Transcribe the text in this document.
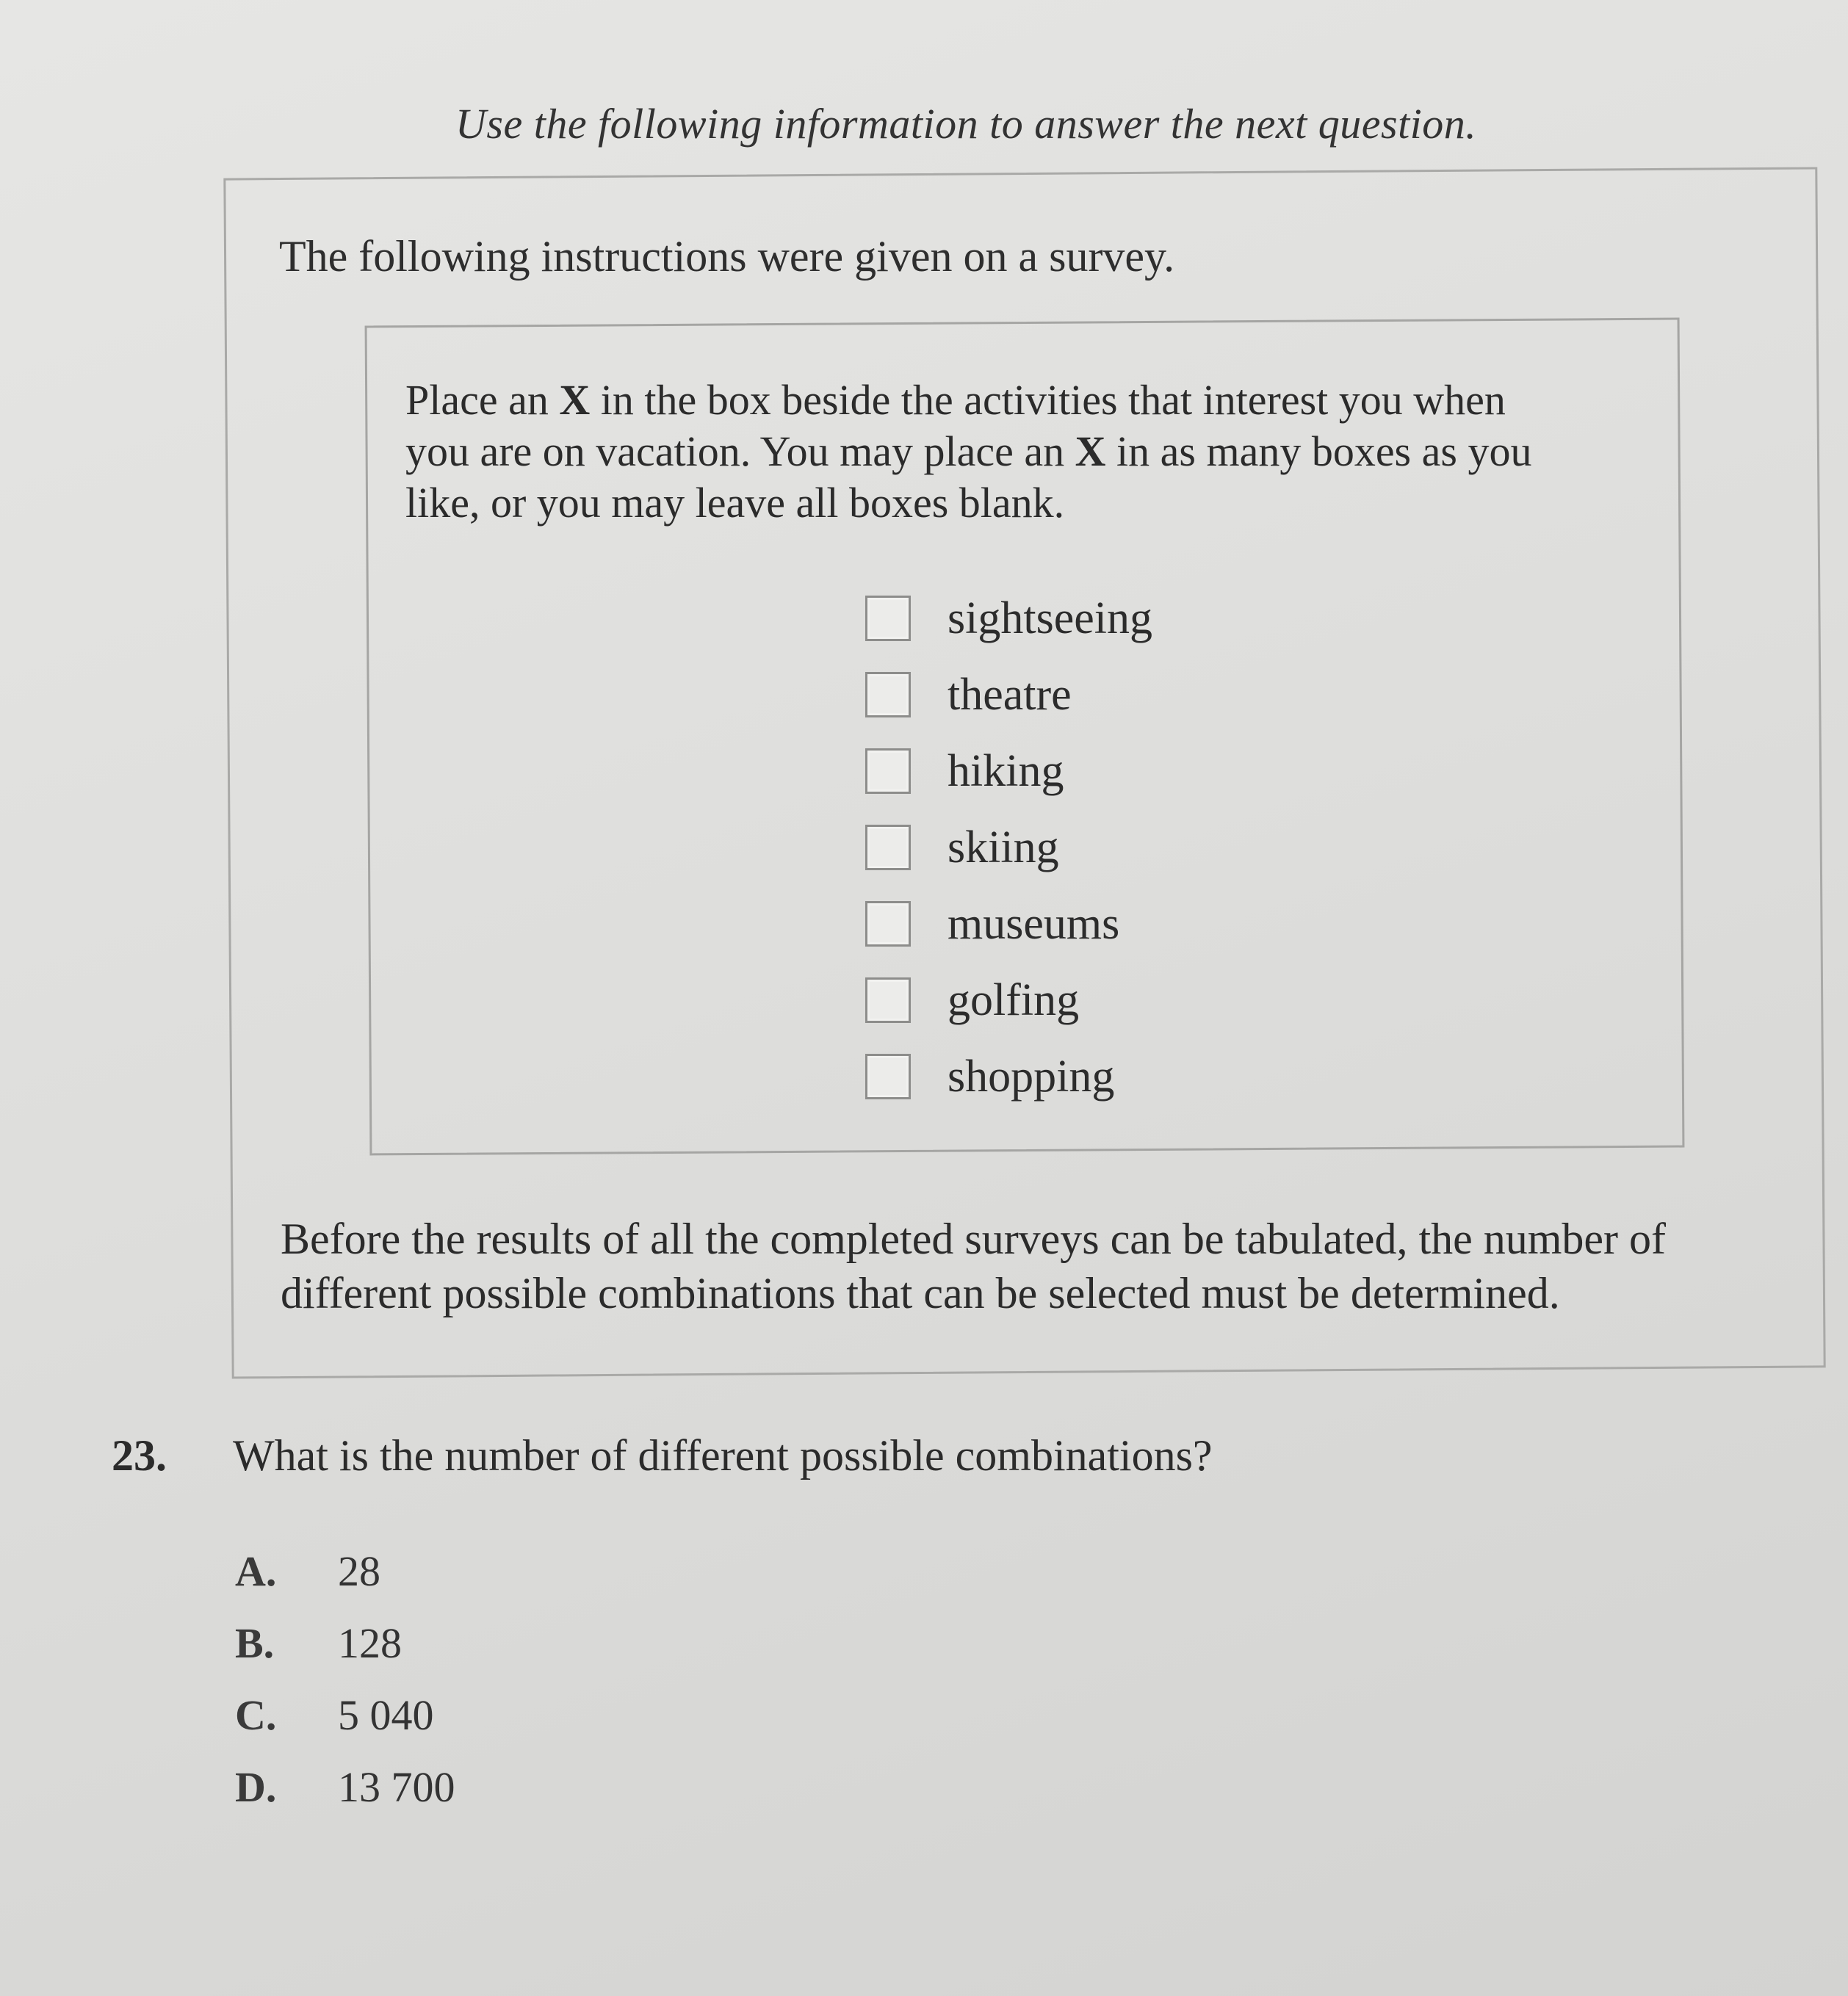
Use the following information to answer the next question.
The following instructions were given on a survey.
Place an X in the box beside the activities that interest you when you are on vacation. You may place an X in as many boxes as you like, or you may leave all boxes blank.
sightseeing
theatre
hiking
skiing
museums
golfing
shopping
Before the results of all the completed surveys can be tabulated, the number of different possible combinations that can be selected must be determined.
23.	What is the number of different possible combinations?
A.	28
B.	128
C.	5 040
D.	13 700
